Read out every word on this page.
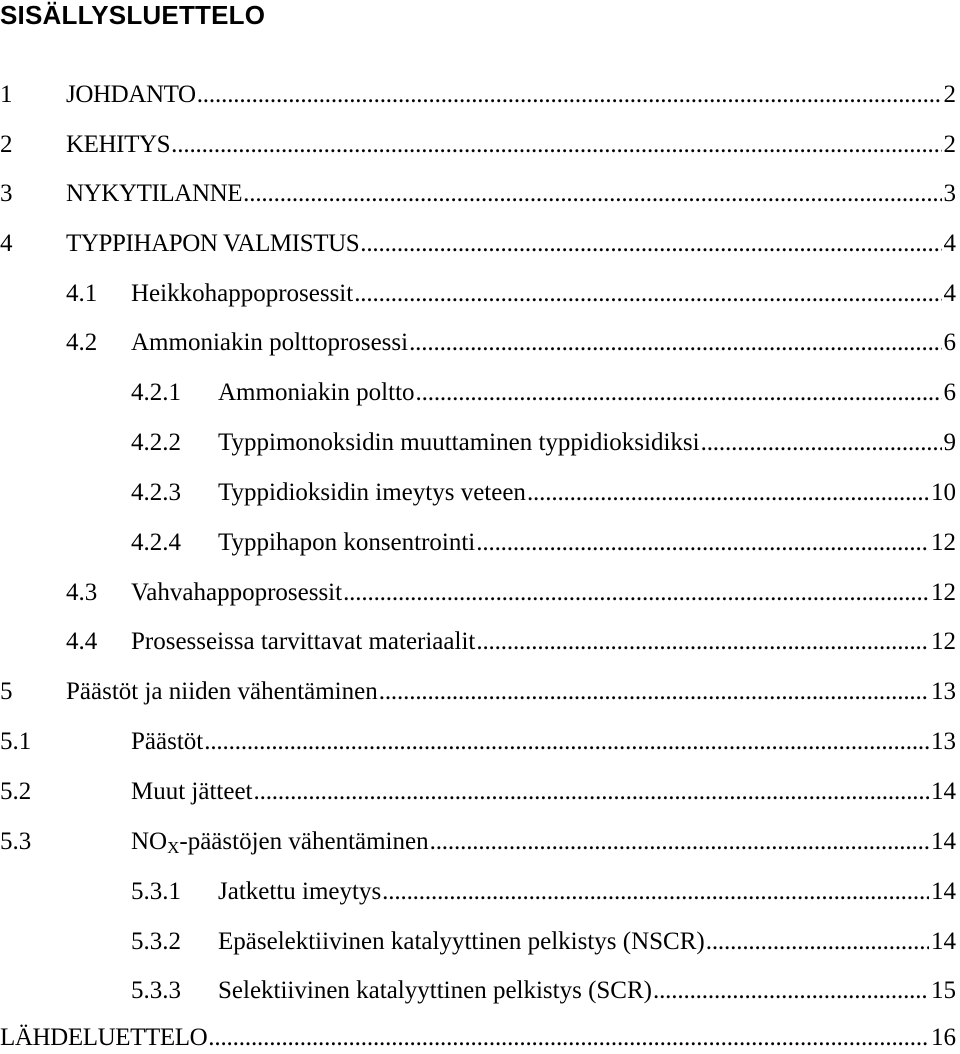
SISÄLLYSLUETTELO
1 JOHDANTO . . .	2
2 KEHITYS . . .	2
3 NYKYTILANNE . . .	3
4 TYPPIHAPON VALMISTUS . . .	4
4.1 Heikkohappoprosessit . . .	4
4.2 Ammoniakin polttoprosessi . . .	6
4.2.1 Ammoniakin poltto . . .	6
4.2.2 Typpimonoksidin muuttaminen typpidioksidiksi . . .	9
4.2.3 Typpidioksidin imeytys veteen . . .	10
4.2.4 Typpihapon konsentrointi . . .	12
4.3 Vahvahappoprosessit . . .	12
4.4 Prosesseissa tarvittavat materiaalit . . .	12
5 Päästöt ja niiden vähentäminen . . .	13
5.1	Päästöt . . .	13
5.2	Muut jätteet . . .	14
5.3	$NO_X$-päästöjen vähentäminen . . .	14
5.3.1 Jatkettu imeytys . . .	14
5.3.2 Epäselektiivinen katalyyttinen pelkistys (NSCR) . . .	14
5.3.3 Selektiivinen katalyyttinen pelkistys (SCR) . . .	15
LÄHDELUETTELO . . .	16
